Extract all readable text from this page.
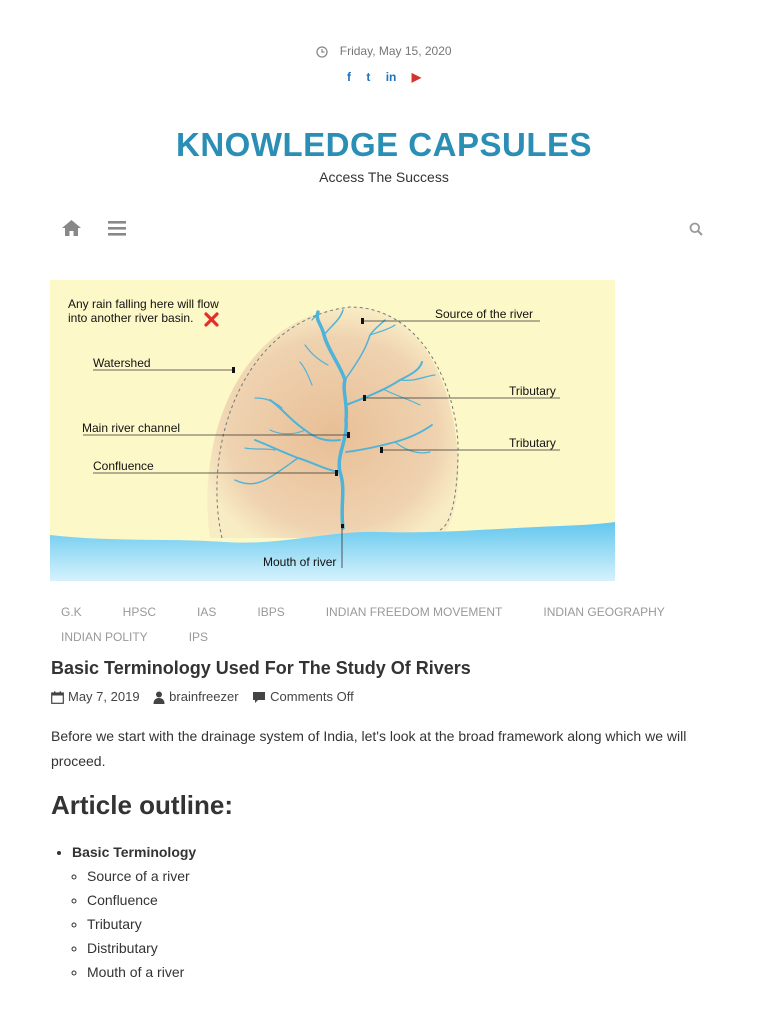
Friday, May 15, 2020
f t in ▶
KNOWLEDGE CAPSULES
Access The Success
Any rain falling here will flow
into another river basin.	Source of the river
Watershed
Tributary
Main river channel
Tributary
Confluence
Mouth of river
G.K	HPSC	IAS	IBPS	INDIAN FREEDOM MOVEMENT	INDIAN GEOGRAPHY
INDIAN POLITY	IPS
Basic Terminology Used For The Study Of Rivers
May 7, 2019 brainfreezer Comments Off
Before we start with the drainage system of India, let's look at the broad framework along which we will proceed.
Article outline:
• Basic Terminology
◦ Source of a river
◦ Confluence
◦ Tributary
◦ Distributary
◦ Mouth of a river
